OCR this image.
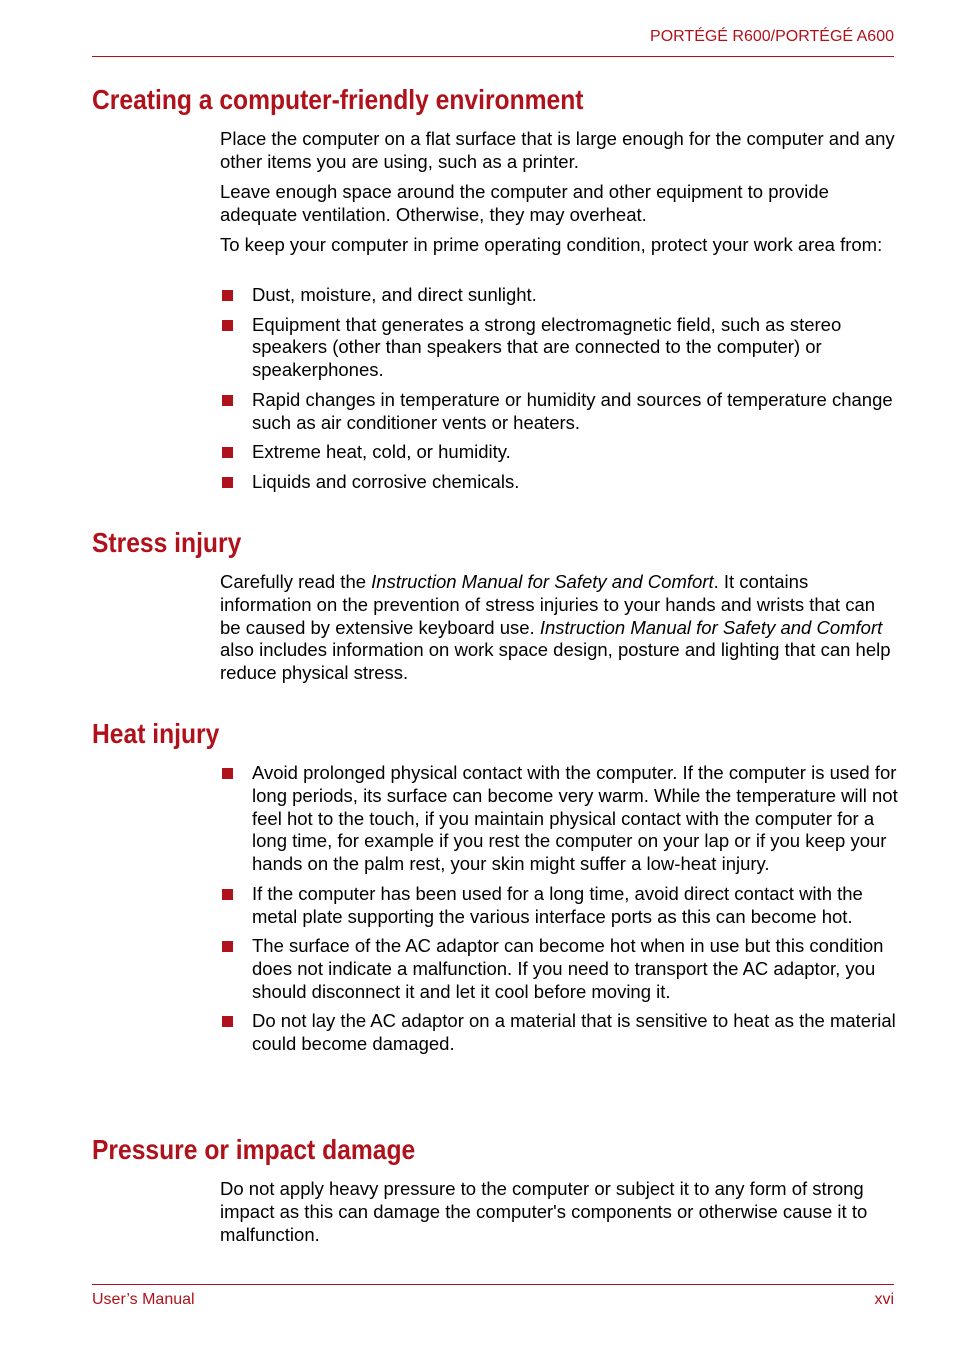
PORTÉGÉ R600/PORTÉGÉ A600
Creating a computer-friendly environment

Place the computer on a flat surface that is large enough for the computer and any other items you are using, such as a printer.

Leave enough space around the computer and other equipment to provide adequate ventilation. Otherwise, they may overheat.

To keep your computer in prime operating condition, protect your work area from:

Dust, moisture, and direct sunlight.
Equipment that generates a strong electromagnetic field, such as stereo speakers (other than speakers that are connected to the computer) or speakerphones.
Rapid changes in temperature or humidity and sources of temperature change such as air conditioner vents or heaters.
Extreme heat, cold, or humidity.
Liquids and corrosive chemicals.
Stress injury

Carefully read the Instruction Manual for Safety and Comfort. It contains information on the prevention of stress injuries to your hands and wrists that can be caused by extensive keyboard use. Instruction Manual for Safety and Comfort also includes information on work space design, posture and lighting that can help reduce physical stress.

Heat injury
Avoid prolonged physical contact with the computer. If the computer is used for long periods, its surface can become very warm. While the temperature will not feel hot to the touch, if you maintain physical contact with the computer for a long time, for example if you rest the computer on your lap or if you keep your hands on the palm rest, your skin might suffer a low-heat injury.
If the computer has been used for a long time, avoid direct contact with the metal plate supporting the various interface ports as this can become hot.
The surface of the AC adaptor can become hot when in use but this condition does not indicate a malfunction. If you need to transport the AC adaptor, you should disconnect it and let it cool before moving it.
Do not lay the AC adaptor on a material that is sensitive to heat as the material could become damaged.
Pressure or impact damage

Do not apply heavy pressure to the computer or subject it to any form of strong impact as this can damage the computer's components or otherwise cause it to malfunction.

User’s Manual	xvi
